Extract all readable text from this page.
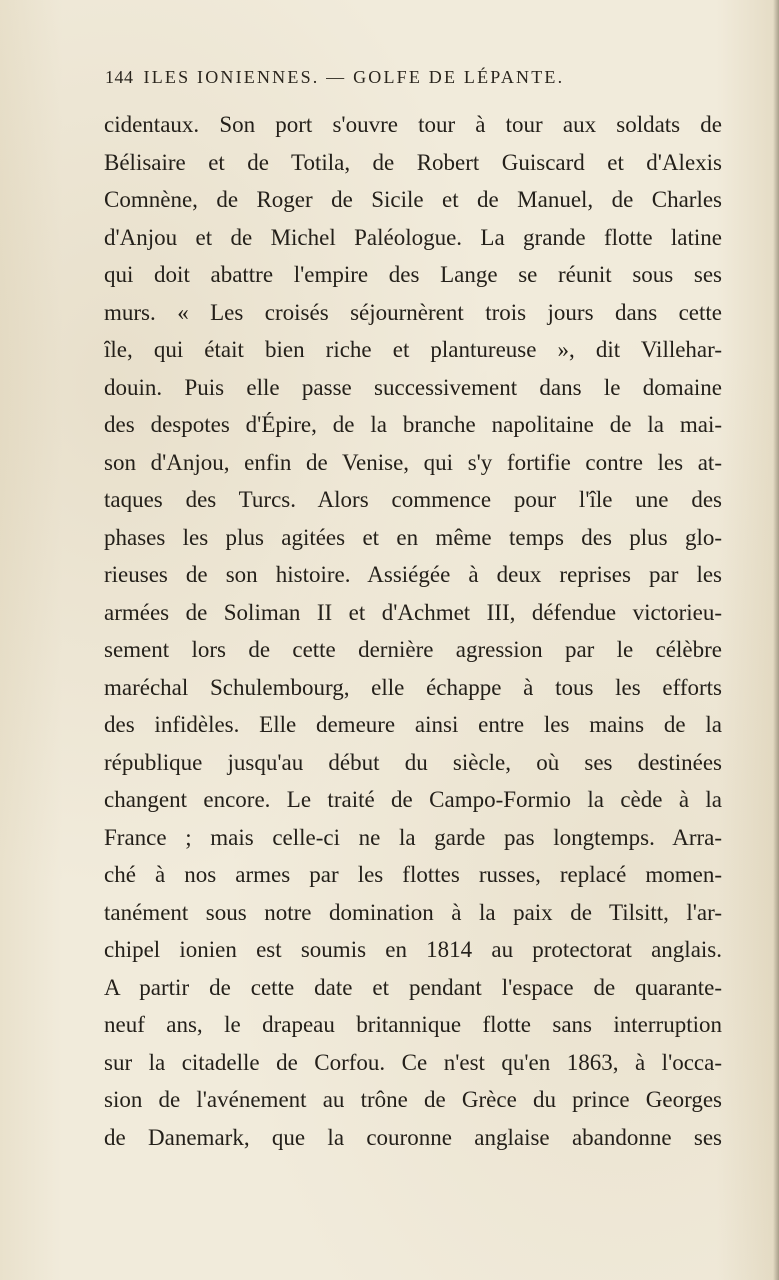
144 ILES IONIENNES. — GOLFE DE LÉPANTE.
cidentaux. Son port s'ouvre tour à tour aux soldats de
Bélisaire et de Totila, de Robert Guiscard et d'Alexis
Comnène, de Roger de Sicile et de Manuel, de Charles
d'Anjou et de Michel Paléologue. La grande flotte latine
qui doit abattre l'empire des Lange se réunit sous ses
murs. « Les croisés séjournèrent trois jours dans cette
île, qui était bien riche et plantureuse », dit Villehar-
douin. Puis elle passe successivement dans le domaine
des despotes d'Épire, de la branche napolitaine de la mai-
son d'Anjou, enfin de Venise, qui s'y fortifie contre les at-
taques des Turcs. Alors commence pour l'île une des
phases les plus agitées et en même temps des plus glo-
rieuses de son histoire. Assiégée à deux reprises par les
armées de Soliman II et d'Achmet III, défendue victorieu-
sement lors de cette dernière agression par le célèbre
maréchal Schulembourg, elle échappe à tous les efforts
des infidèles. Elle demeure ainsi entre les mains de la
république jusqu'au début du siècle, où ses destinées
changent encore. Le traité de Campo-Formio la cède à la
France ; mais celle-ci ne la garde pas longtemps. Arra-
ché à nos armes par les flottes russes, replacé momen-
tanément sous notre domination à la paix de Tilsitt, l'ar-
chipel ionien est soumis en 1814 au protectorat anglais.
A partir de cette date et pendant l'espace de quarante-
neuf ans, le drapeau britannique flotte sans interruption
sur la citadelle de Corfou. Ce n'est qu'en 1863, à l'occa-
sion de l'avénement au trône de Grèce du prince Georges
de Danemark, que la couronne anglaise abandonne ses
